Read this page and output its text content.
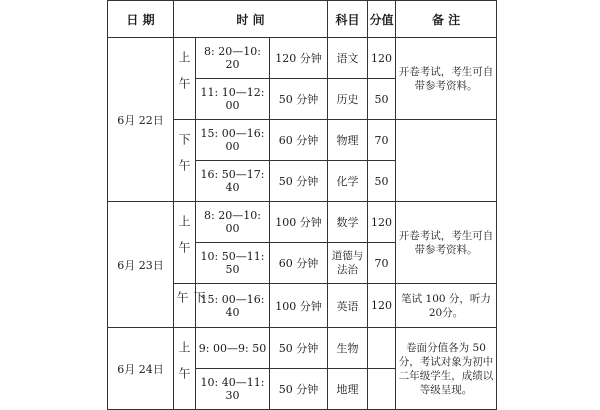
日 期	时 间			科目	分值	备 注
6月 22日	上午	8: 20—10: 20	120 分钟	语文	120	开卷考试，考生可自带参考资料。
		11: 10—12: 00	50 分钟	历史	50	
	下午	15: 00—16: 00	60 分钟	物理	70	
		16: 50—17: 40	50 分钟	化学	50	
6月 23日	上午	8: 20—10: 00	100 分钟	数学	120	开卷考试，考生可自带参考资料。
		10: 50—11: 50	60 分钟	道德与法治	70	
	下午	15: 00—16: 40	100 分钟	英语	120	笔试 100 分，听力 20分。
6月 24日	上午	9: 00—9: 50	50 分钟	生物		卷面分值各为 50分，考试对象为初中二年级学生，成绩以等级呈现。
		10: 40—11: 30	50 分钟	地理		
